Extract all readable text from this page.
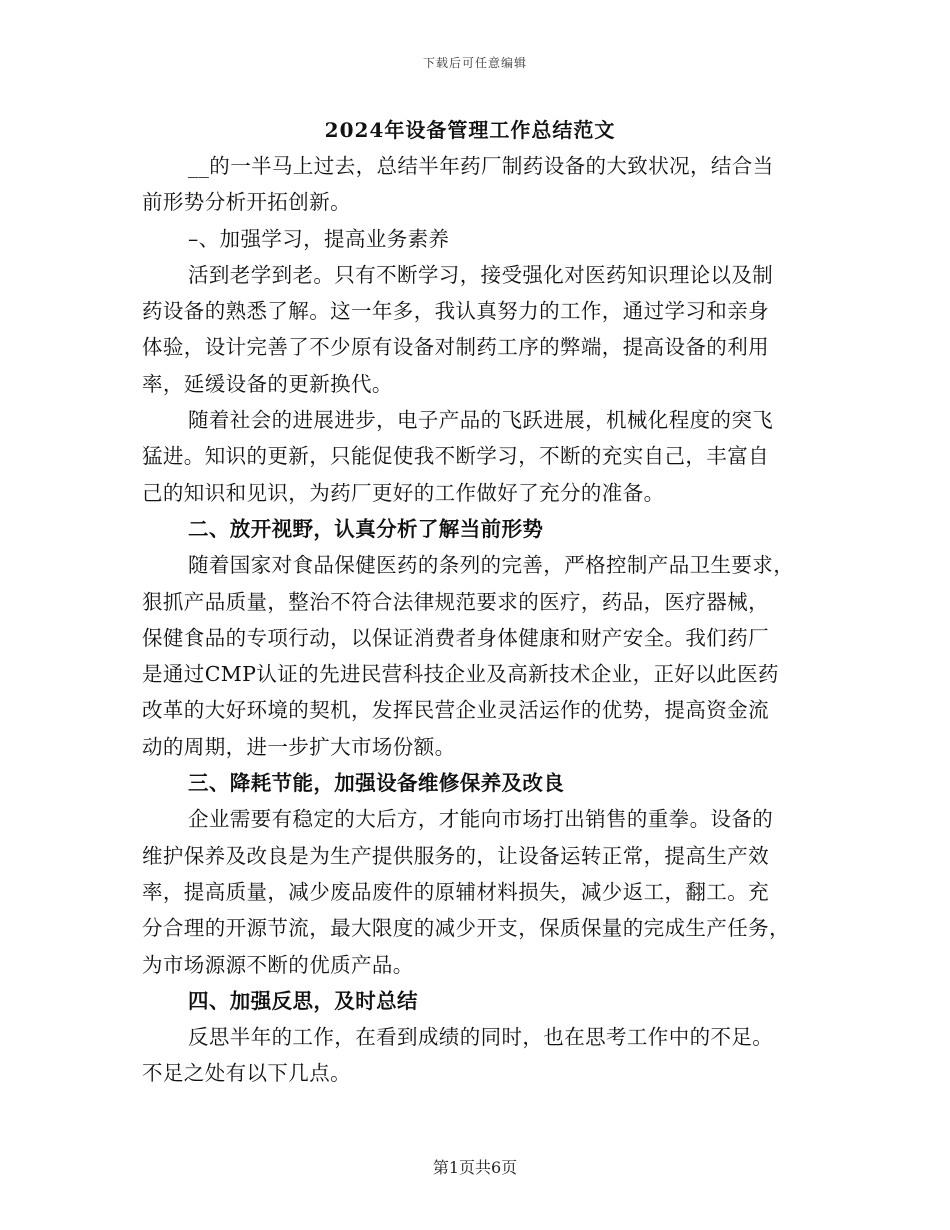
下载后可任意编辑
2024年设备管理工作总结范文
__的一半马上过去，总结半年药厂制药设备的大致状况，结合当
前形势分析开拓创新。
–、加强学习，提高业务素养
活到老学到老。只有不断学习，接受强化对医药知识理论以及制
药设备的熟悉了解。这一年多，我认真努力的工作，通过学习和亲身
体验，设计完善了不少原有设备对制药工序的弊端，提高设备的利用
率，延缓设备的更新换代。
随着社会的进展进步，电子产品的飞跃进展，机械化程度的突飞
猛进。知识的更新，只能促使我不断学习，不断的充实自己，丰富自
己的知识和见识，为药厂更好的工作做好了充分的准备。
二、放开视野，认真分析了解当前形势
随着国家对食品保健医药的条列的完善，严格控制产品卫生要求，
狠抓产品质量，整治不符合法律规范要求的医疗，药品，医疗器械，
保健食品的专项行动，以保证消费者身体健康和财产安全。我们药厂
是通过CMP认证的先进民营科技企业及高新技术企业，正好以此医药
改革的大好环境的契机，发挥民营企业灵活运作的优势，提高资金流
动的周期，进一步扩大市场份额。
三、降耗节能，加强设备维修保养及改良
企业需要有稳定的大后方，才能向市场打出销售的重拳。设备的
维护保养及改良是为生产提供服务的，让设备运转正常，提高生产效
率，提高质量，减少废品废件的原辅材料损失，减少返工，翻工。充
分合理的开源节流，最大限度的减少开支，保质保量的完成生产任务，
为市场源源不断的优质产品。
四、加强反思，及时总结
反思半年的工作，在看到成绩的同时，也在思考工作中的不足。
不足之处有以下几点。
第1页共6页
